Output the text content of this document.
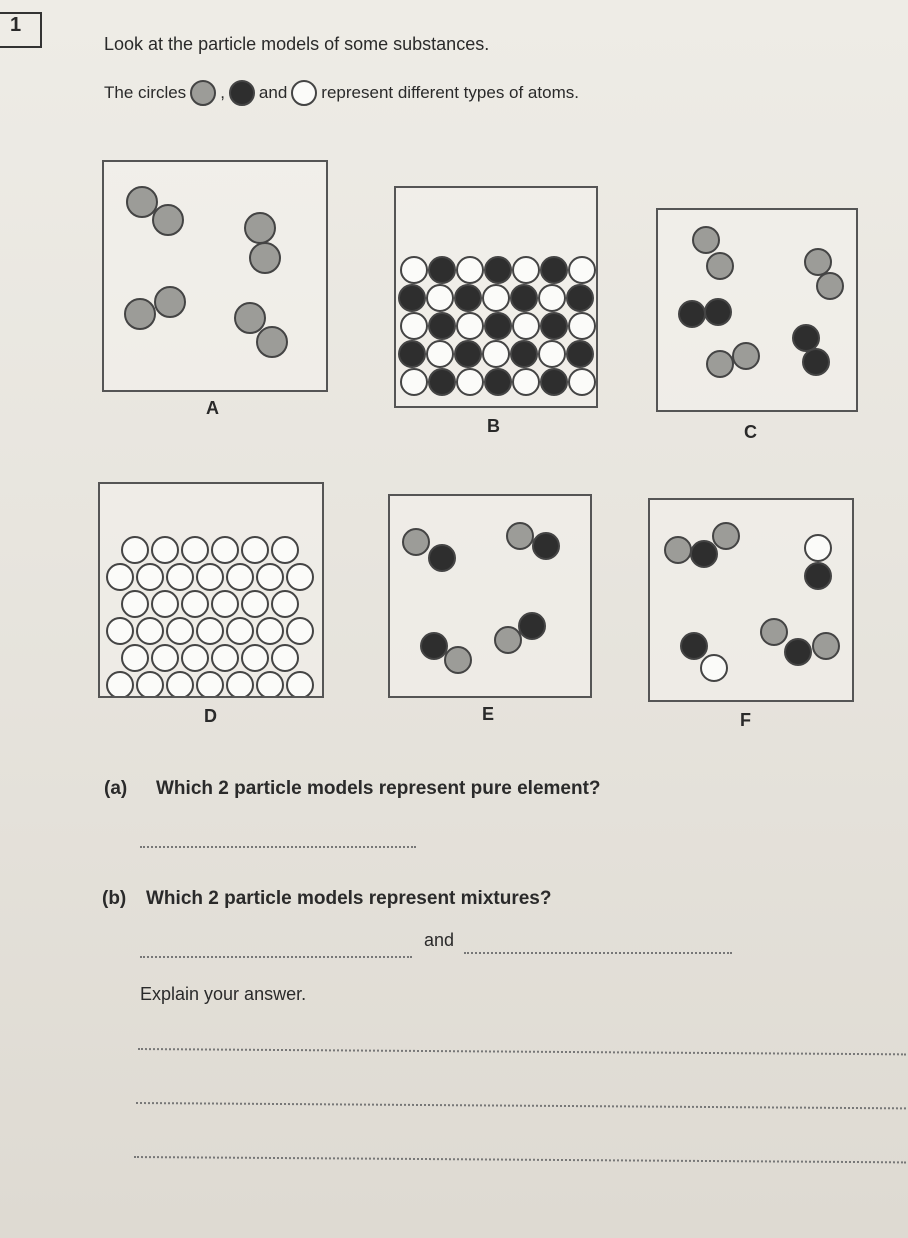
1
Look at the particle models of some substances.
The circles , and represent different types of atoms.
A
B	C
D	E	F
(a) Which 2 particle models represent pure element?
(b) Which 2 particle models represent mixtures?
and
Explain your answer.
